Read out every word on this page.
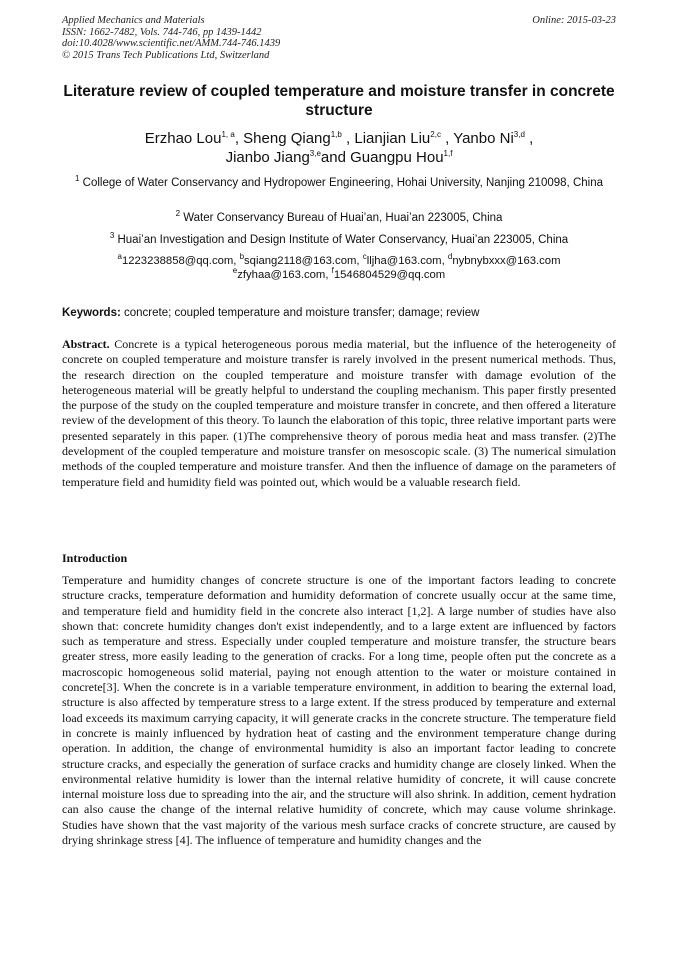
Applied Mechanics and Materials
ISSN: 1662-7482, Vols. 744-746, pp 1439-1442
doi:10.4028/www.scientific.net/AMM.744-746.1439
© 2015 Trans Tech Publications Ltd, Switzerland
Online: 2015-03-23
Literature review of coupled temperature and moisture transfer in concrete structure
Erzhao Lou$^{1, a}$, Sheng Qiang$^{1,b}$ , Lianjian Liu$^{2,c}$ , Yanbo Ni$^{3,d}$ ,
Jianbo Jiang$^{3,e}$and Guangpu Hou$^{1,f}$
$^1$ College of Water Conservancy and Hydropower Engineering, Hohai University, Nanjing 210098, China
$^2$ Water Conservancy Bureau of Huai’an, Huai’an 223005, China
$^3$ Huai’an Investigation and Design Institute of Water Conservancy, Huai’an 223005, China
$^a$1223238858@qq.com, $^b$sqiang2118@163.com, $^c$lljha@163.com, $^d$nybnybxxx@163.com
$^e$zfyhaa@163.com, $^f$1546804529@qq.com
Keywords: concrete; coupled temperature and moisture transfer; damage; review
Abstract. Concrete is a typical heterogeneous porous media material, but the influence of the heterogeneity of concrete on coupled temperature and moisture transfer is rarely involved in the present numerical methods. Thus, the research direction on the coupled temperature and moisture transfer with damage evolution of the heterogeneous material will be greatly helpful to understand the coupling mechanism. This paper firstly presented the purpose of the study on the coupled temperature and moisture transfer in concrete, and then offered a literature review of the development of this theory. To launch the elaboration of this topic, three relative important parts were presented separately in this paper. (1)The comprehensive theory of porous media heat and mass transfer. (2)The development of the coupled temperature and moisture transfer on mesoscopic scale. (3) The numerical simulation methods of the coupled temperature and moisture transfer. And then the influence of damage on the parameters of temperature field and humidity field was pointed out, which would be a valuable research field.
Introduction
Temperature and humidity changes of concrete structure is one of the important factors leading to concrete structure cracks, temperature deformation and humidity deformation of concrete usually occur at the same time, and temperature field and humidity field in the concrete also interact [1,2]. A large number of studies have also shown that: concrete humidity changes don't exist independently, and to a large extent are influenced by factors such as temperature and stress. Especially under coupled temperature and moisture transfer, the structure bears greater stress, more easily leading to the generation of cracks. For a long time, people often put the concrete as a macroscopic homogeneous solid material, paying not enough attention to the water or moisture contained in concrete[3]. When the concrete is in a variable temperature environment, in addition to bearing the external load, structure is also affected by temperature stress to a large extent. If the stress produced by temperature and external load exceeds its maximum carrying capacity, it will generate cracks in the concrete structure. The temperature field in concrete is mainly influenced by hydration heat of casting and the environment temperature change during operation. In addition, the change of environmental humidity is also an important factor leading to concrete structure cracks, and especially the generation of surface cracks and humidity change are closely linked. When the environmental relative humidity is lower than the internal relative humidity of concrete, it will cause concrete internal moisture loss due to spreading into the air, and the structure will also shrink. In addition, cement hydration can also cause the change of the internal relative humidity of concrete, which may cause volume shrinkage. Studies have shown that the vast majority of the various mesh surface cracks of concrete structure, are caused by drying shrinkage stress [4]. The influence of temperature and humidity changes and the
